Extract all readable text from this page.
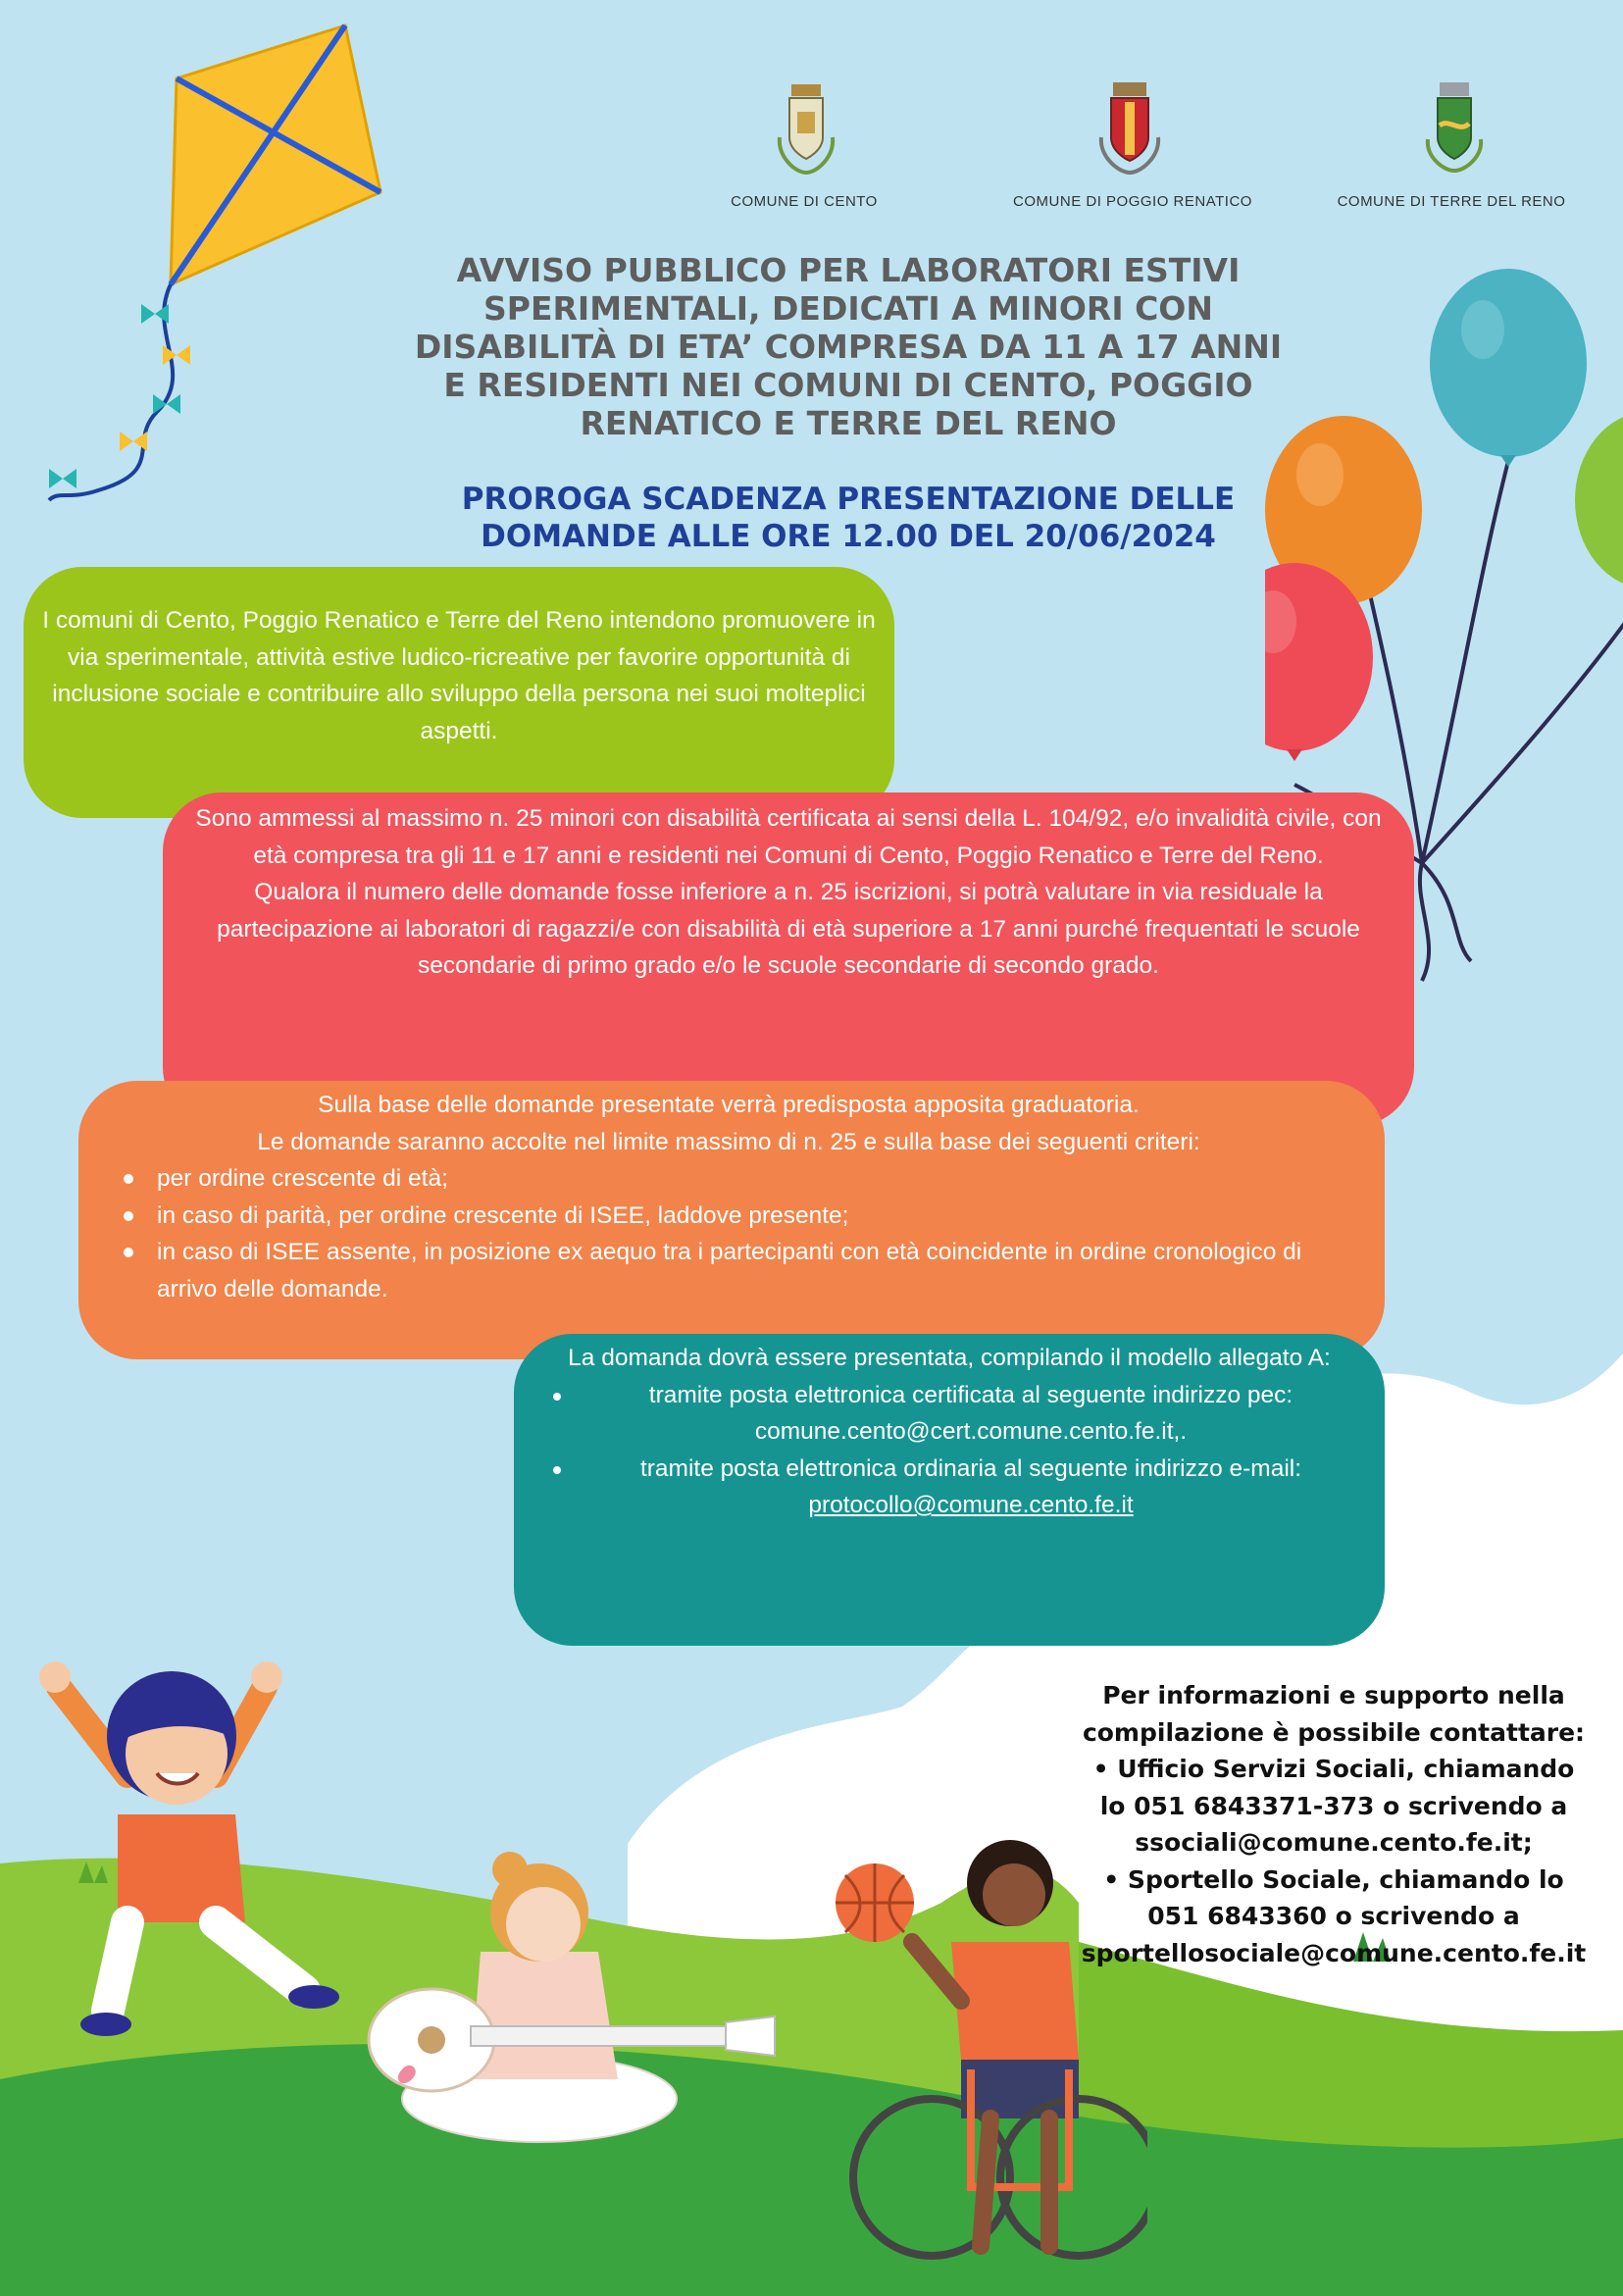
COMUNE DI CENTO	COMUNE DI POGGIO RENATICO	COMUNE DI TERRE DEL RENO
AVVISO PUBBLICO PER LABORATORI ESTIVI
SPERIMENTALI, DEDICATI A MINORI CON
DISABILITÀ DI ETA’ COMPRESA DA 11 A 17 ANNI
E RESIDENTI NEI COMUNI DI CENTO, POGGIO
RENATICO E TERRE DEL RENO
PROROGA SCADENZA PRESENTAZIONE DELLE
DOMANDE ALLE ORE 12.00 DEL 20/06/2024

I comuni di Cento, Poggio Renatico e Terre del Reno intendono promuovere in via sperimentale, attività estive ludico-ricreative per favorire opportunità di inclusione sociale e contribuire allo sviluppo della persona nei suoi molteplici aspetti.

Sono ammessi al massimo n. 25 minori con disabilità certificata ai sensi della L. 104/92, e/o invalidità civile, con età compresa tra gli 11 e 17 anni e residenti nei Comuni di Cento, Poggio Renatico e Terre del Reno.

Qualora il numero delle domande fosse inferiore a n. 25 iscrizioni, si potrà valutare in via residuale la partecipazione ai laboratori di ragazzi/e con disabilità di età superiore a 17 anni purché frequentati le scuole secondarie di primo grado e/o le scuole secondarie di secondo grado.

Sulla base delle domande presentate verrà predisposta apposita graduatoria.

Le domande saranno accolte nel limite massimo di n. 25 e sulla base dei seguenti criteri:

per ordine crescente di età;
in caso di parità, per ordine crescente di ISEE, laddove presente;
in caso di ISEE assente, in posizione ex aequo tra i partecipanti con età coincidente in ordine cronologico di arrivo delle domande.

La domanda dovrà essere presentata, compilando il modello allegato A:

tramite posta elettronica certificata al seguente indirizzo pec: comune.cento@cert.comune.cento.fe.it,.
tramite posta elettronica ordinaria al seguente indirizzo e-mail: protocollo@comune.cento.fe.it

Per informazioni e supporto nella

compilazione è possibile contattare:

• Ufficio Servizi Sociali, chiamando

lo 051 6843371-373 o scrivendo a

ssociali@comune.cento.fe.it;

• Sportello Sociale, chiamando lo

051 6843360 o scrivendo a

sportellosociale@comune.cento.fe.it
